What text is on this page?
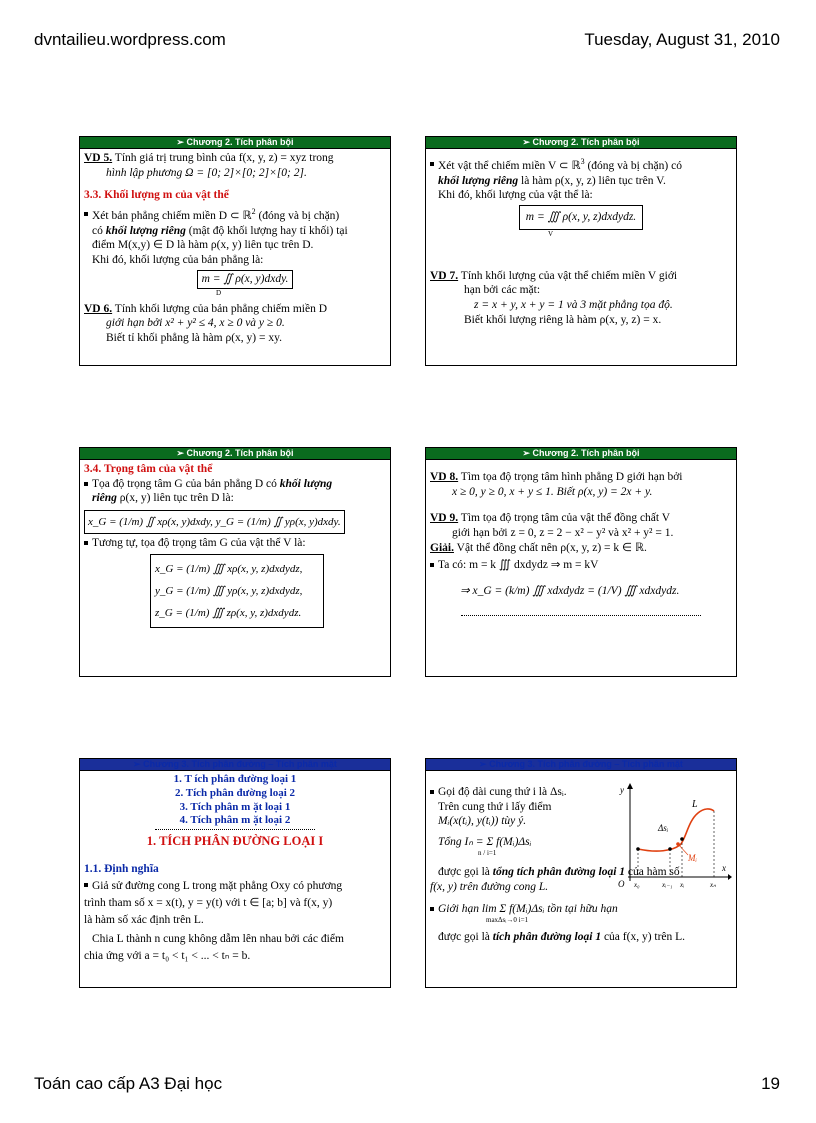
dvntailieu.wordpress.com	Tuesday, August 31, 2010
➢ Chương 2. Tích phân bội

VD 5. Tính giá trị trung bình của f(x, y, z) = xyz trong

hình lập phương Ω = [0; 2]×[0; 2]×[0; 2].

3.3. Khối lượng m của vật thể

Xét bản phẳng chiếm miền D ⊂ ℝ$^2$ (đóng và bị chặn)
có khối lượng riêng (mật độ khối lượng hay tỉ khối) tại
điểm M(x,y) ∈ D là hàm ρ(x, y) liên tục trên D.

Khi đó, khối lượng của bản phẳng là:

m = ∬ ρ(x, y)dxdy.
D

VD 6. Tính khối lượng của bản phẳng chiếm miền D

giới hạn bởi x² + y² ≤ 4, x ≥ 0 và y ≥ 0.

Biết tỉ khối phẳng là hàm ρ(x, y) = xy.

➢ Chương 2. Tích phân bội

Xét vật thể chiếm miền V ⊂ ℝ$^3$ (đóng và bị chặn) có
khối lượng riêng là hàm ρ(x, y, z) liên tục trên V.

Khi đó, khối lượng của vật thể là:

m = ∭ ρ(x, y, z)dxdydz.
V

VD 7. Tính khối lượng của vật thể chiếm miền V giới

hạn bởi các mặt:

z = x + y, x + y = 1 và 3 mặt phẳng tọa độ.

Biết khối lượng riêng là hàm ρ(x, y, z) = x.

➢ Chương 2. Tích phân bội

3.4. Trọng tâm của vật thể

Tọa độ trọng tâm G của bản phẳng D có khối lượng
riêng ρ(x, y) liên tục trên D là:

x_G = (1/m) ∬ xρ(x, y)dxdy, y_G = (1/m) ∬ yρ(x, y)dxdy.

Tương tự, tọa độ trọng tâm G của vật thể V là:

x_G = (1/m) ∭ xρ(x, y, z)dxdydz,
y_G = (1/m) ∭ yρ(x, y, z)dxdydz,
z_G = (1/m) ∭ zρ(x, y, z)dxdydz.
➢ Chương 2. Tích phân bội

VD 8. Tìm tọa độ trọng tâm hình phẳng D giới hạn bởi

x ≥ 0, y ≥ 0, x + y ≤ 1. Biết ρ(x, y) = 2x + y.

VD 9. Tìm tọa độ trọng tâm của vật thể đồng chất V

giới hạn bởi z = 0, z = 2 − x² − y² và x² + y² = 1.

Giải. Vật thể đồng chất nên ρ(x, y, z) = k ∈ ℝ.

Ta có: m = k ∭ dxdydz ⇒ m = kV

⇒ x_G = (k/m) ∭ xdxdydz = (1/V) ∭ xdxdydz.

➢ Chương 3. Tích phân đường – Tích phân mặt
1. T ích phân đường loại 1
2. Tích phân đường loại 2
3. Tích phân m ặt loại 1
4. Tích phân m ặt loại 2

1. TÍCH PHÂN ĐƯỜNG LOẠI I

1.1. Định nghĩa

Giả sử đường cong L trong mặt phẳng Oxy có phương

trình tham số x = x(t), y = y(t) với t ∈ [a; b] và f(x, y)

là hàm số xác định trên L.

Chia L thành n cung không dẫm lên nhau bởi các điểm

chia ứng với a = t₀ < t₁ < ... < tₙ = b.

➢ Chương 3. Tích phân đường – Tích phân mặt

Gọi độ dài cung thứ i là Δsᵢ.

Trên cung thứ i lấy điểm

Mᵢ(x(tᵢ), y(tᵢ)) tùy ý.

Tổng Iₙ = Σ f(Mᵢ)Δsᵢ

n / i=1

y
L
Δsᵢ
Mᵢ
O
x
x₀	xᵢ₋₁ xᵢ	xₙ

được gọi là tổng tích phân đường loại 1 của hàm số

f(x, y) trên đường cong L.

Giới hạn lim Σ f(Mᵢ)Δsᵢ tồn tại hữu hạn

maxΔsᵢ→0 i=1

được gọi là tích phân đường loại 1 của f(x, y) trên L.

Toán cao cấp A3 Đại học	19
